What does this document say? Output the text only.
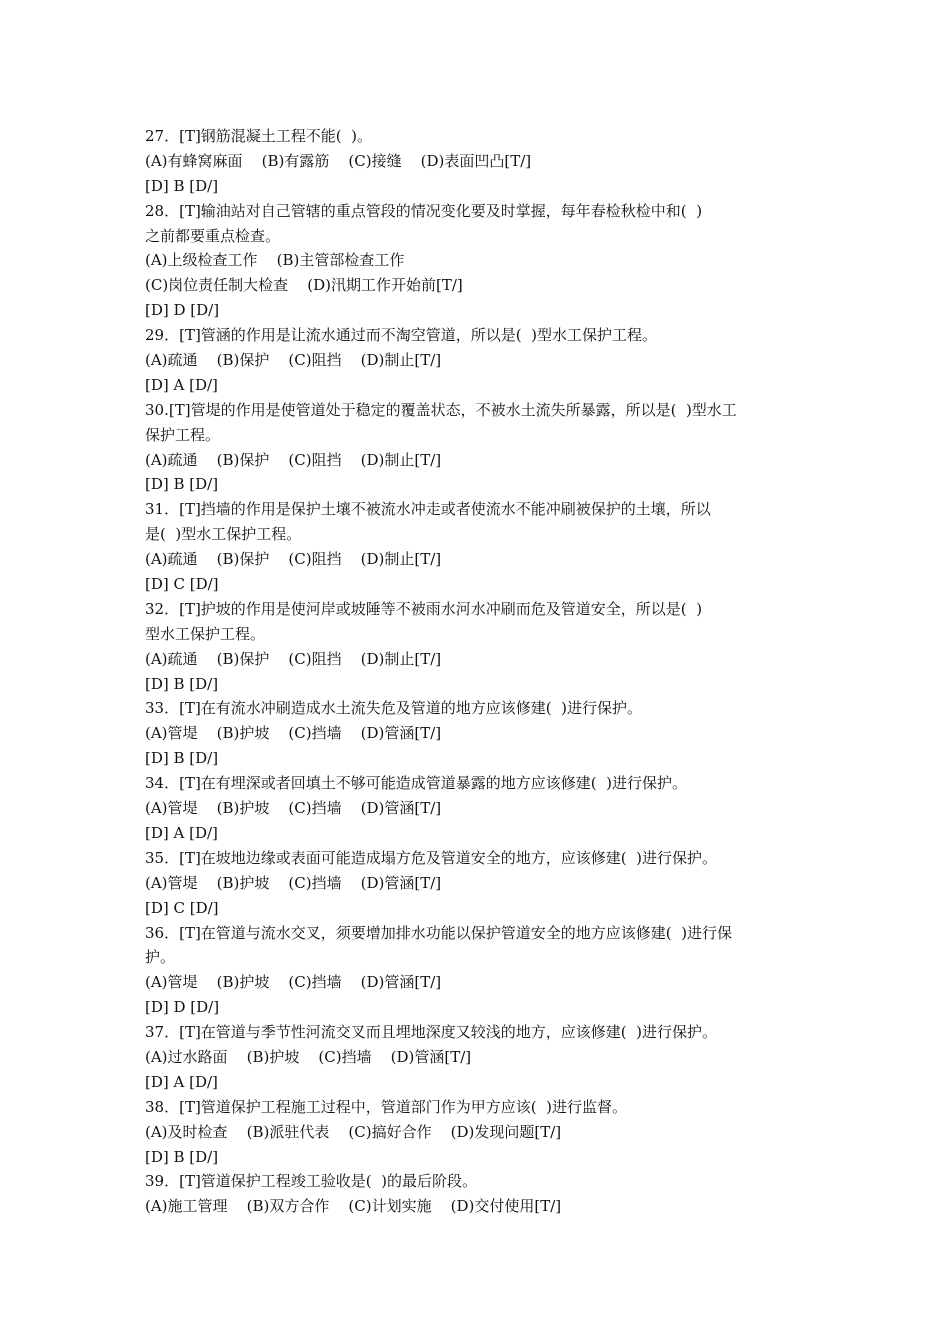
27．[T]钢筋混凝土工程不能(  )。
(A)有蜂窝麻面    (B)有露筋    (C)接缝    (D)表面凹凸[T/]
[D] B [D/]
28．[T]输油站对自己管辖的重点管段的情况变化要及时掌握，每年春检秋检中和(  )
之前都要重点检查。
(A)上级检查工作    (B)主管部检查工作
(C)岗位责任制大检查    (D)汛期工作开始前[T/]
[D] D [D/]
29．[T]管涵的作用是让流水通过而不淘空管道，所以是(  )型水工保护工程。
(A)疏通    (B)保护    (C)阻挡    (D)制止[T/]
[D] A [D/]
30.[T]管堤的作用是使管道处于稳定的覆盖状态，不被水土流失所暴露，所以是(  )型水工
保护工程。
(A)疏通    (B)保护    (C)阻挡    (D)制止[T/]
[D] B [D/]
31．[T]挡墙的作用是保护土壤不被流水冲走或者使流水不能冲刷被保护的土壤，所以
是(  )型水工保护工程。
(A)疏通    (B)保护    (C)阻挡    (D)制止[T/]
[D] C [D/]
32．[T]护坡的作用是使河岸或坡陲等不被雨水河水冲刷而危及管道安全，所以是(  )
型水工保护工程。
(A)疏通    (B)保护    (C)阻挡    (D)制止[T/]
[D] B [D/]
33．[T]在有流水冲刷造成水土流失危及管道的地方应该修建(  )进行保护。
(A)管堤    (B)护坡    (C)挡墙    (D)管涵[T/]
[D] B [D/]
34．[T]在有埋深或者回填土不够可能造成管道暴露的地方应该修建(  )进行保护。
(A)管堤    (B)护坡    (C)挡墙    (D)管涵[T/]
[D] A [D/]
35．[T]在坡地边缘或表面可能造成塌方危及管道安全的地方，应该修建(  )进行保护。
(A)管堤    (B)护坡    (C)挡墙    (D)管涵[T/]
[D] C [D/]
36．[T]在管道与流水交叉，须要增加排水功能以保护管道安全的地方应该修建(  )进行保
护。
(A)管堤    (B)护坡    (C)挡墙    (D)管涵[T/]
[D] D [D/]
37．[T]在管道与季节性河流交叉而且埋地深度又较浅的地方，应该修建(  )进行保护。
(A)过水路面    (B)护坡    (C)挡墙    (D)管涵[T/]
[D] A [D/]
38．[T]管道保护工程施工过程中，管道部门作为甲方应该(  )进行监督。
(A)及时检查    (B)派驻代表    (C)搞好合作    (D)发现问题[T/]
[D] B [D/]
39．[T]管道保护工程竣工验收是(  )的最后阶段。
(A)施工管理    (B)双方合作    (C)计划实施    (D)交付使用[T/]
